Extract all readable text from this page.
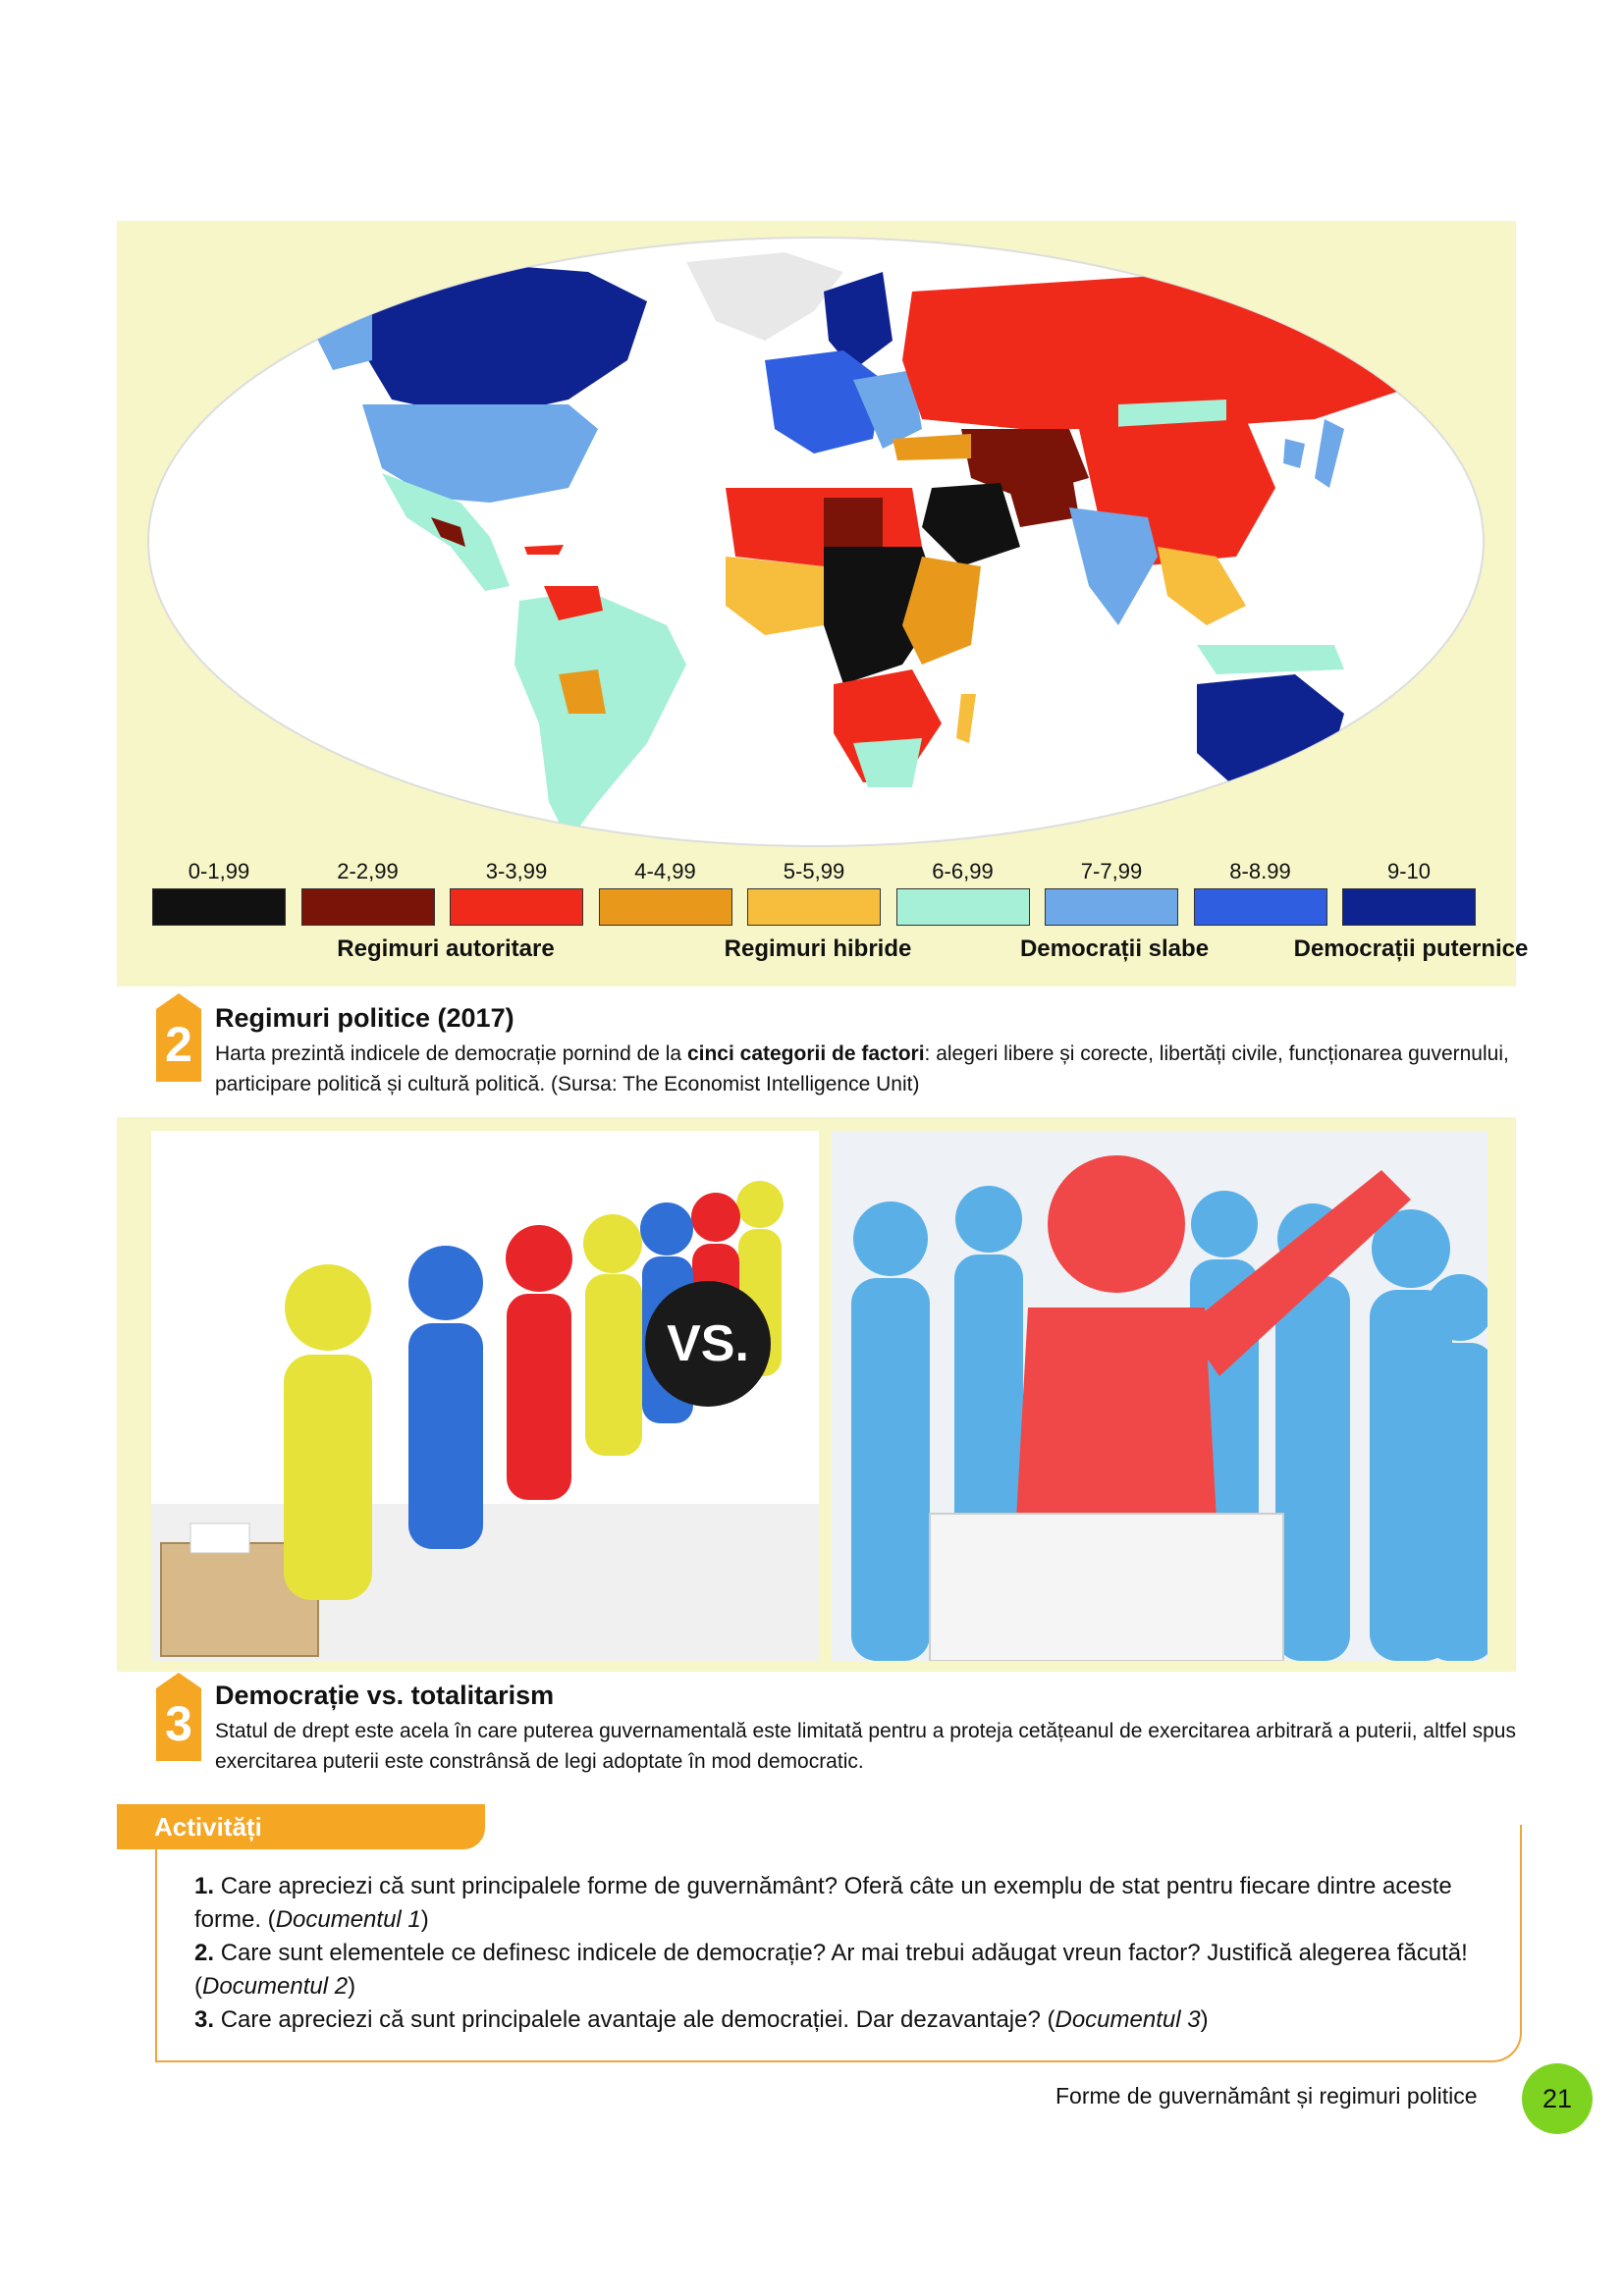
0-1,99	2-2,99	3-3,99	4-4,99	5-5,99	6-6,99	7-7,99	8-8.99	9-10
Regimuri autoritare	Regimuri hibride	Democrații slabe	Democrații puternice
2 Regimuri politice (2017)
Harta prezintă indicele de democrație pornind de la cinci categorii de factori: alegeri libere și corecte, libertăți civile, funcționarea guvernului, participare politică și cultură politică. (Sursa: The Economist Intelligence Unit)
VS.
3
Democrație vs. totalitarism
Statul de drept este acela în care puterea guvernamentală este limitată pentru a proteja cetățeanul de exercitarea arbitrară a puterii, altfel spus exercitarea puterii este constrânsă de legi adoptate în mod democratic.

1. Care apreciezi că sunt principalele forme de guvernământ? Oferă câte un exemplu de stat pentru fiecare dintre aceste forme. (Documentul 1)

2. Care sunt elementele ce definesc indicele de democrație? Ar mai trebui adăugat vreun factor? Justifică alegerea făcută! (Documentul 2)

3. Care apreciezi că sunt principalele avantaje ale democrației. Dar dezavantaje? (Documentul 3)

Activități
Forme de guvernământ și regimuri politice	21
